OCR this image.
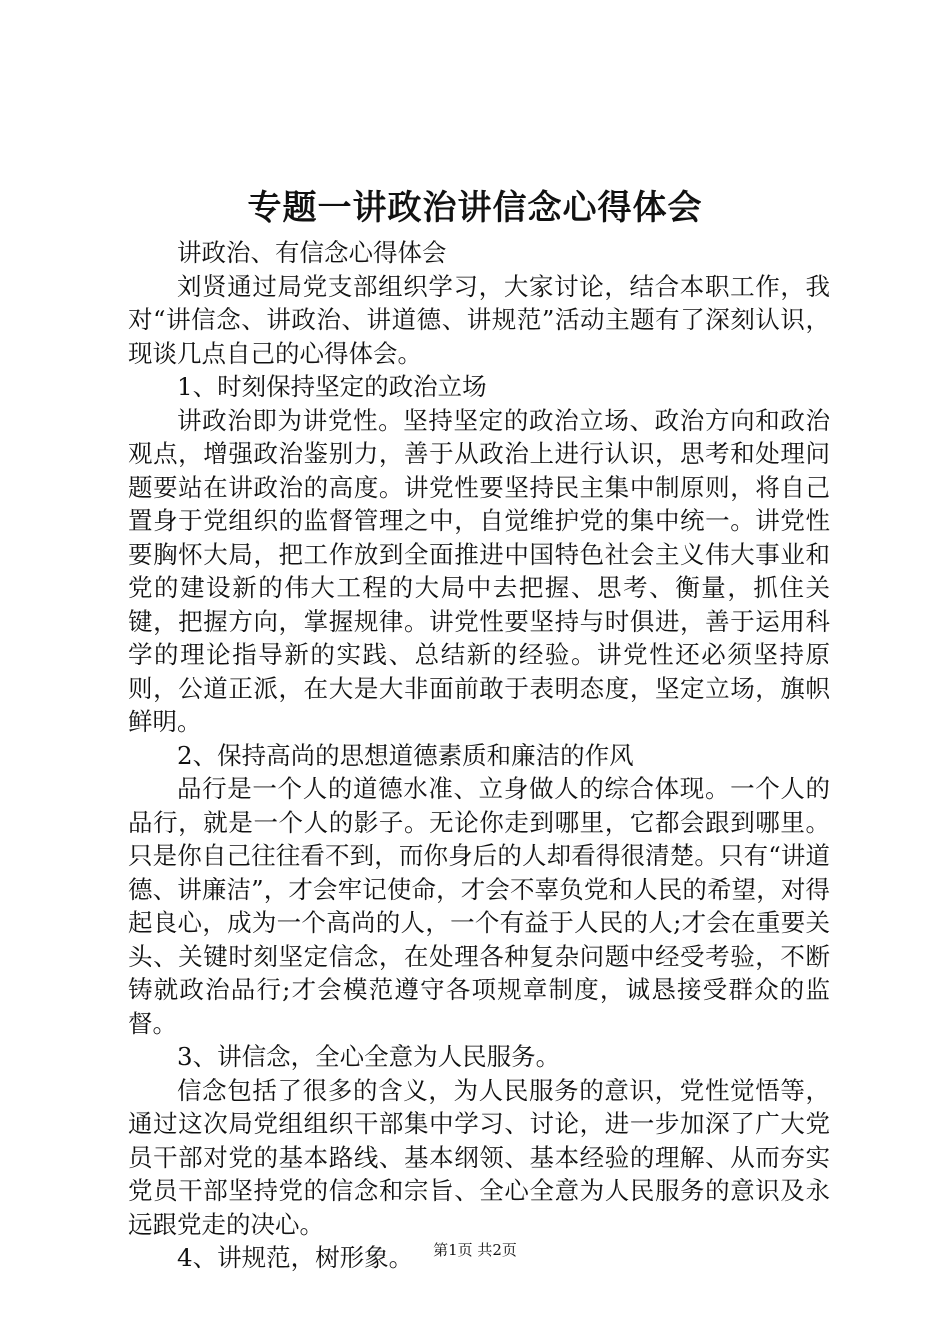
专题一讲政治讲信念心得体会

讲政治、有信念心得体会

刘贤通过局党支部组织学习，大家讨论，结合本职工作，我对“讲信念、讲政治、讲道德、讲规范”活动主题有了深刻认识，现谈几点自己的心得体会。

1、时刻保持坚定的政治立场

讲政治即为讲党性。坚持坚定的政治立场、政治方向和政治观点，增强政治鉴别力，善于从政治上进行认识，思考和处理问题要站在讲政治的高度。讲党性要坚持民主集中制原则，将自己置身于党组织的监督管理之中，自觉维护党的集中统一。讲党性要胸怀大局，把工作放到全面推进中国特色社会主义伟大事业和党的建设新的伟大工程的大局中去把握、思考、衡量，抓住关键，把握方向，掌握规律。讲党性要坚持与时俱进，善于运用科学的理论指导新的实践、总结新的经验。讲党性还必须坚持原则，公道正派，在大是大非面前敢于表明态度，坚定立场，旗帜鲜明。

2、保持高尚的思想道德素质和廉洁的作风

品行是一个人的道德水准、立身做人的综合体现。一个人的品行，就是一个人的影子。无论你走到哪里，它都会跟到哪里。只是你自己往往看不到，而你身后的人却看得很清楚。只有“讲道德、讲廉洁”，才会牢记使命，才会不辜负党和人民的希望，对得起良心，成为一个高尚的人，一个有益于人民的人;才会在重要关头、关键时刻坚定信念，在处理各种复杂问题中经受考验，不断铸就政治品行;才会模范遵守各项规章制度，诚恳接受群众的监督。

3、讲信念，全心全意为人民服务。

信念包括了很多的含义，为人民服务的意识，党性觉悟等，通过这次局党组组织干部集中学习、讨论，进一步加深了广大党员干部对党的基本路线、基本纲领、基本经验的理解、从而夯实党员干部坚持党的信念和宗旨、全心全意为人民服务的意识及永远跟党走的决心。

4、讲规范，树形象。	第1页 共2页
